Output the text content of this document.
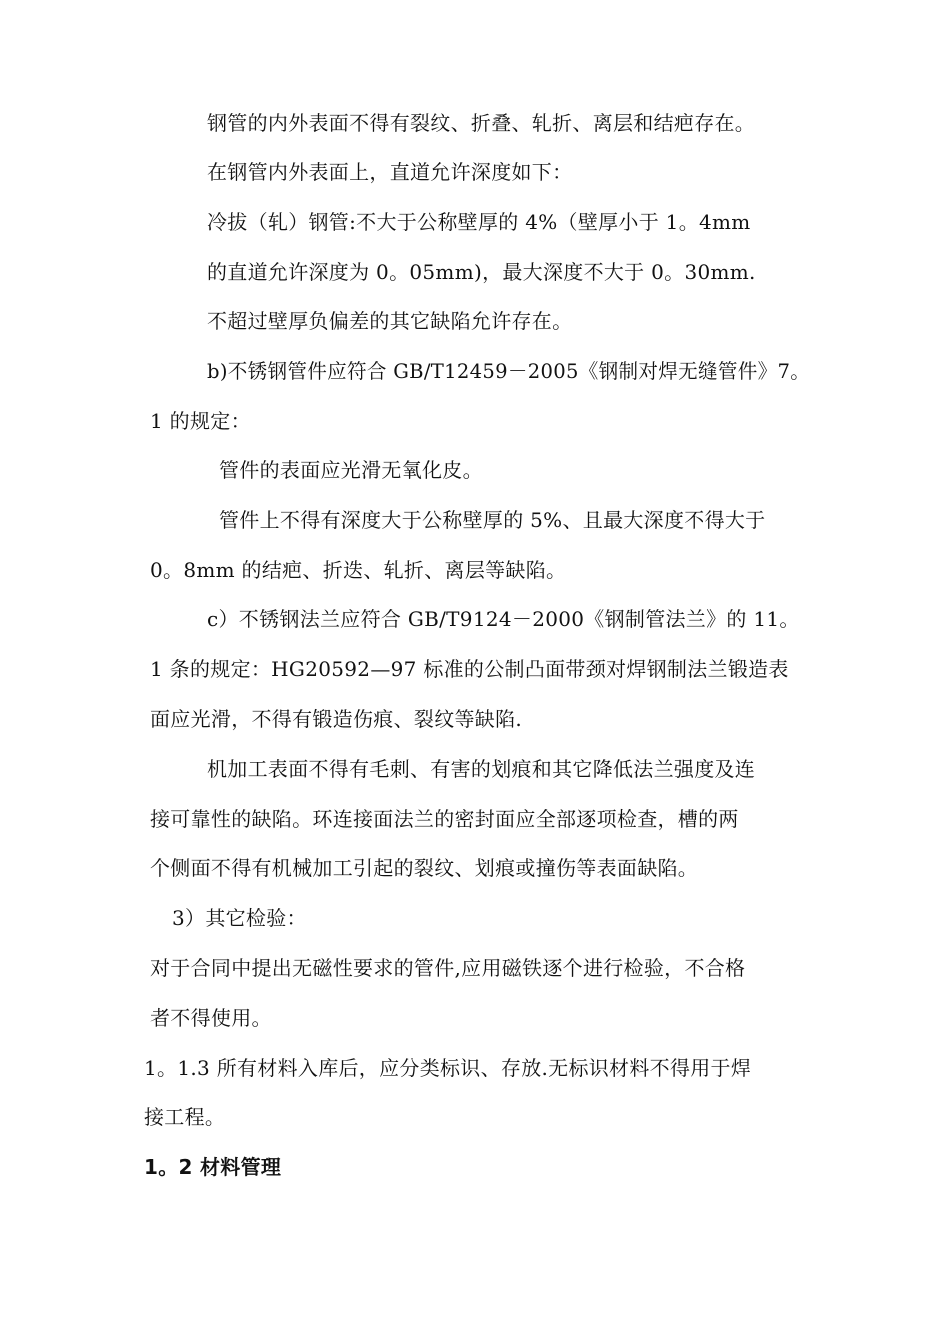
钢管的内外表面不得有裂纹、折叠、轧折、离层和结疤存在。
在钢管内外表面上，直道允许深度如下：
冷拔（轧）钢管:不大于公称壁厚的 4%（壁厚小于 1。4mm
的直道允许深度为 0。05mm)，最大深度不大于 0。30mm.
不超过壁厚负偏差的其它缺陷允许存在。
b)不锈钢管件应符合 GB/T12459－2005《钢制对焊无缝管件》7。
1 的规定：
管件的表面应光滑无氧化皮。
管件上不得有深度大于公称壁厚的 5%、且最大深度不得大于
0。8mm 的结疤、折迭、轧折、离层等缺陷。
c）不锈钢法兰应符合 GB/T9124－2000《钢制管法兰》的 11。
1 条的规定：HG20592—97 标准的公制凸面带颈对焊钢制法兰锻造表
面应光滑，不得有锻造伤痕、裂纹等缺陷.
机加工表面不得有毛刺、有害的划痕和其它降低法兰强度及连
接可靠性的缺陷。环连接面法兰的密封面应全部逐项检查，槽的两
个侧面不得有机械加工引起的裂纹、划痕或撞伤等表面缺陷。
3）其它检验：
对于合同中提出无磁性要求的管件,应用磁铁逐个进行检验，不合格
者不得使用。
1。1.3 所有材料入库后，应分类标识、存放.无标识材料不得用于焊
接工程。
1。2 材料管理
